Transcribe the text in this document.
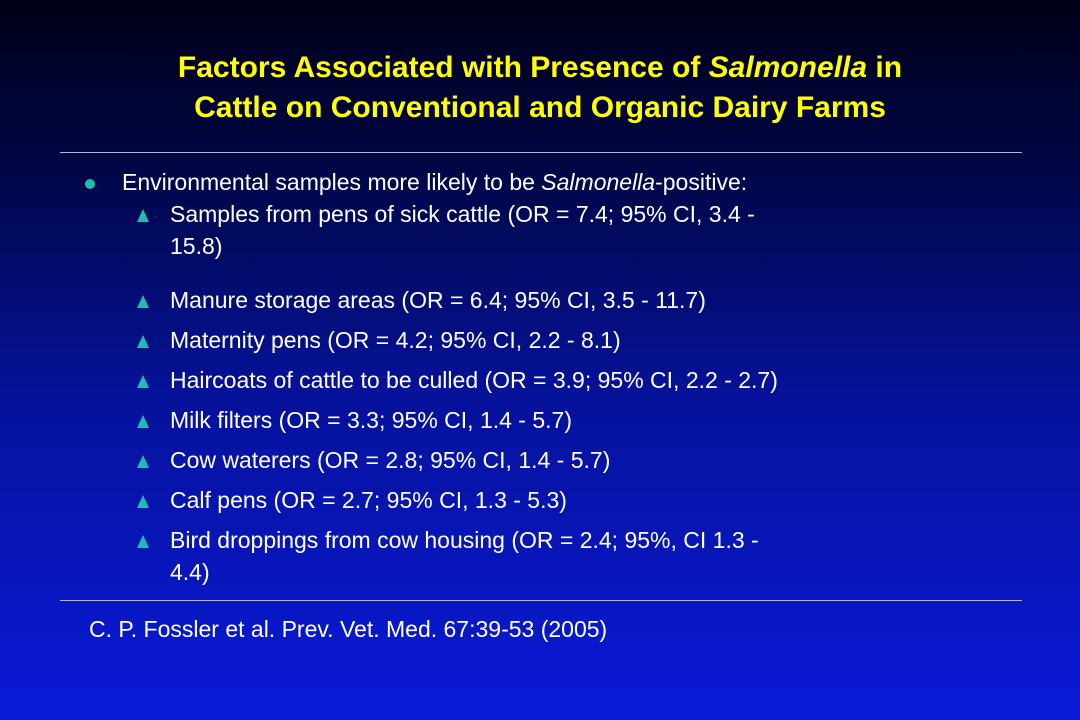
Factors Associated with Presence of Salmonella in
Cattle on Conventional and Organic Dairy Farms
Environmental samples more likely to be Salmonella-positive:
Samples from pens of sick cattle (OR = 7.4; 95% CI, 3.4 -
15.8)
Manure storage areas (OR = 6.4; 95% CI, 3.5 - 11.7)
Maternity pens (OR = 4.2; 95% CI, 2.2 - 8.1)
Haircoats of cattle to be culled (OR = 3.9; 95% CI, 2.2 - 2.7)
Milk filters (OR = 3.3; 95% CI, 1.4 - 5.7)
Cow waterers (OR = 2.8; 95% CI, 1.4 - 5.7)
Calf pens (OR = 2.7; 95% CI, 1.3 - 5.3)
Bird droppings from cow housing (OR = 2.4; 95%, CI 1.3 -
4.4)
C. P. Fossler et al. Prev. Vet. Med. 67:39-53 (2005)
